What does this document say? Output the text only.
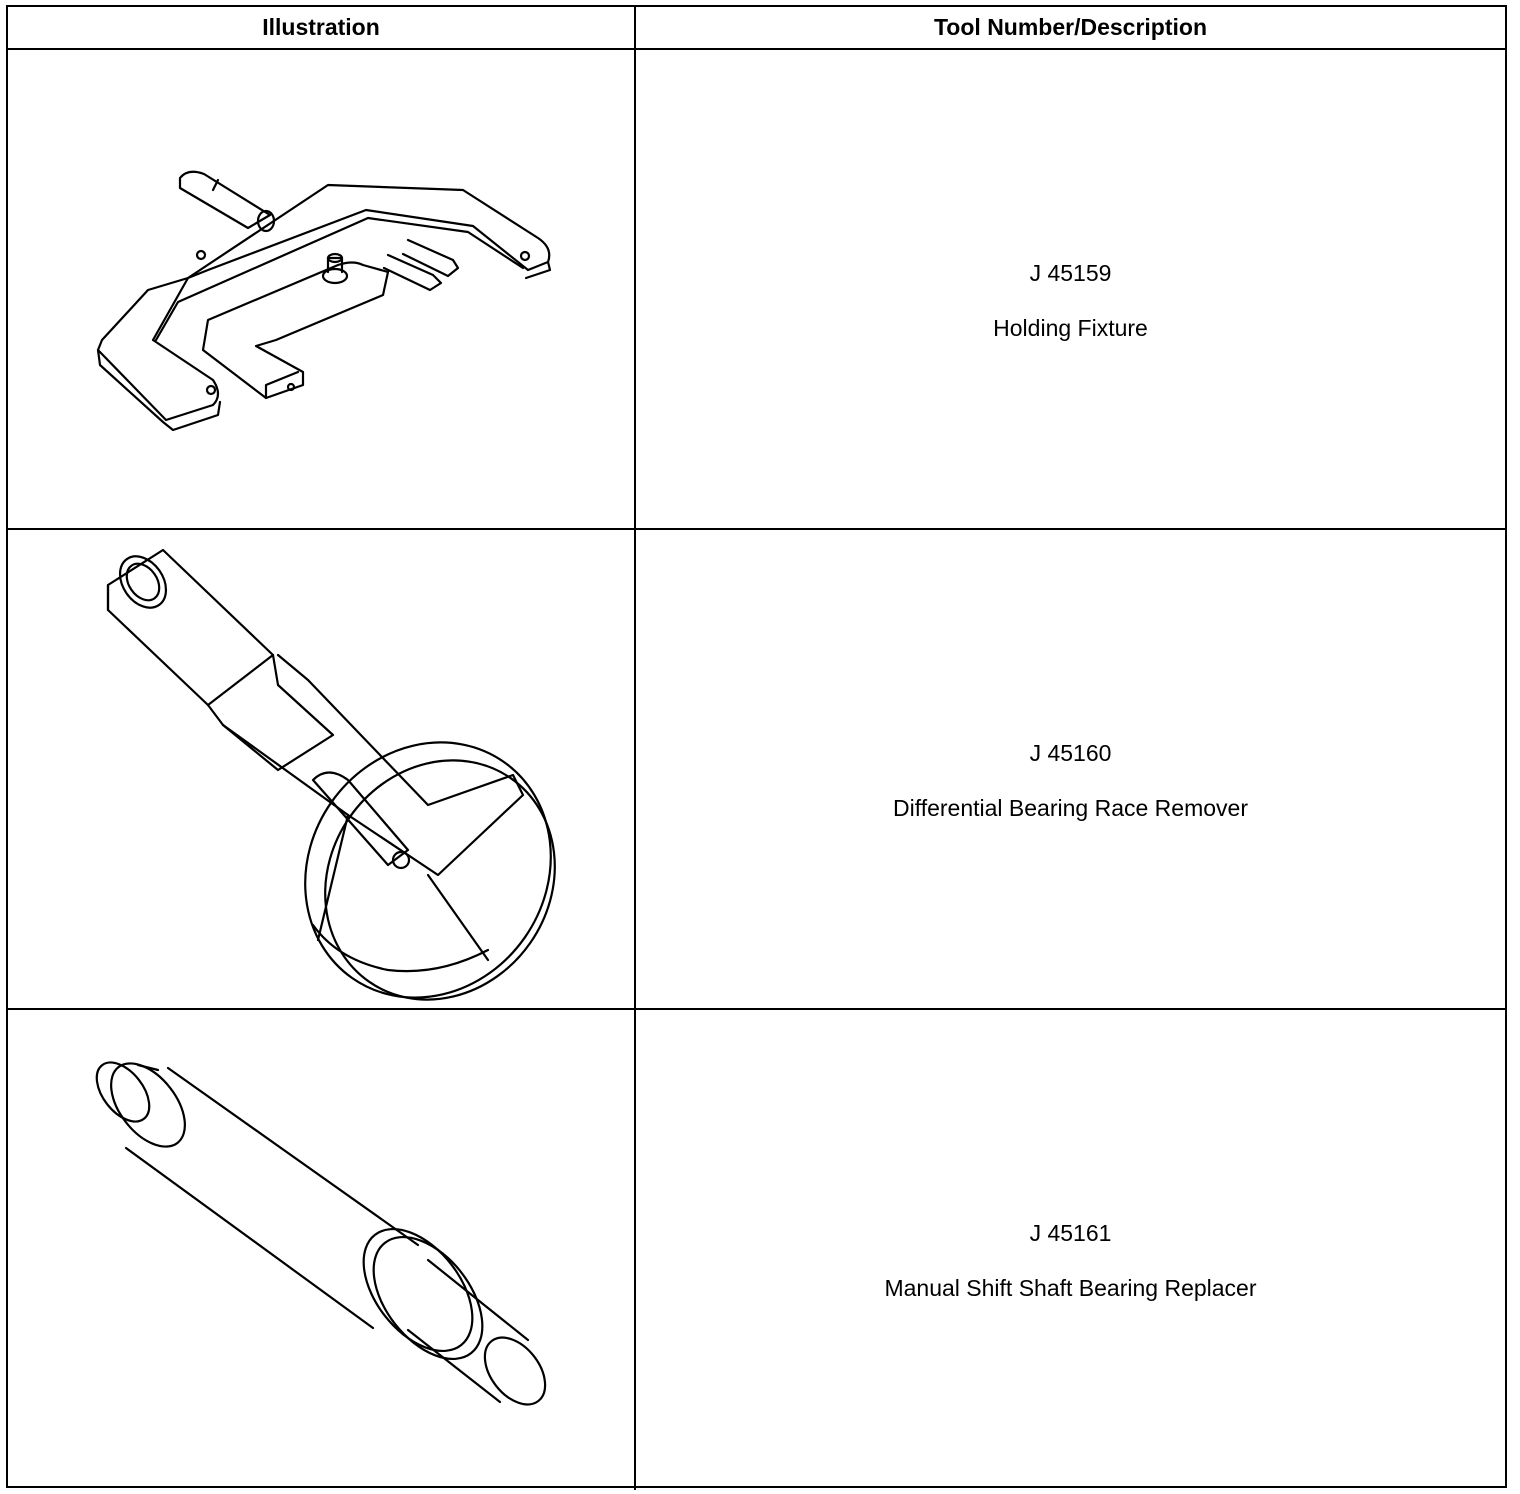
Illustration	Tool Number/Description
J 45159
Holding Fixture
J 45160
Differential Bearing Race Remover
J 45161
Manual Shift Shaft Bearing Replacer
